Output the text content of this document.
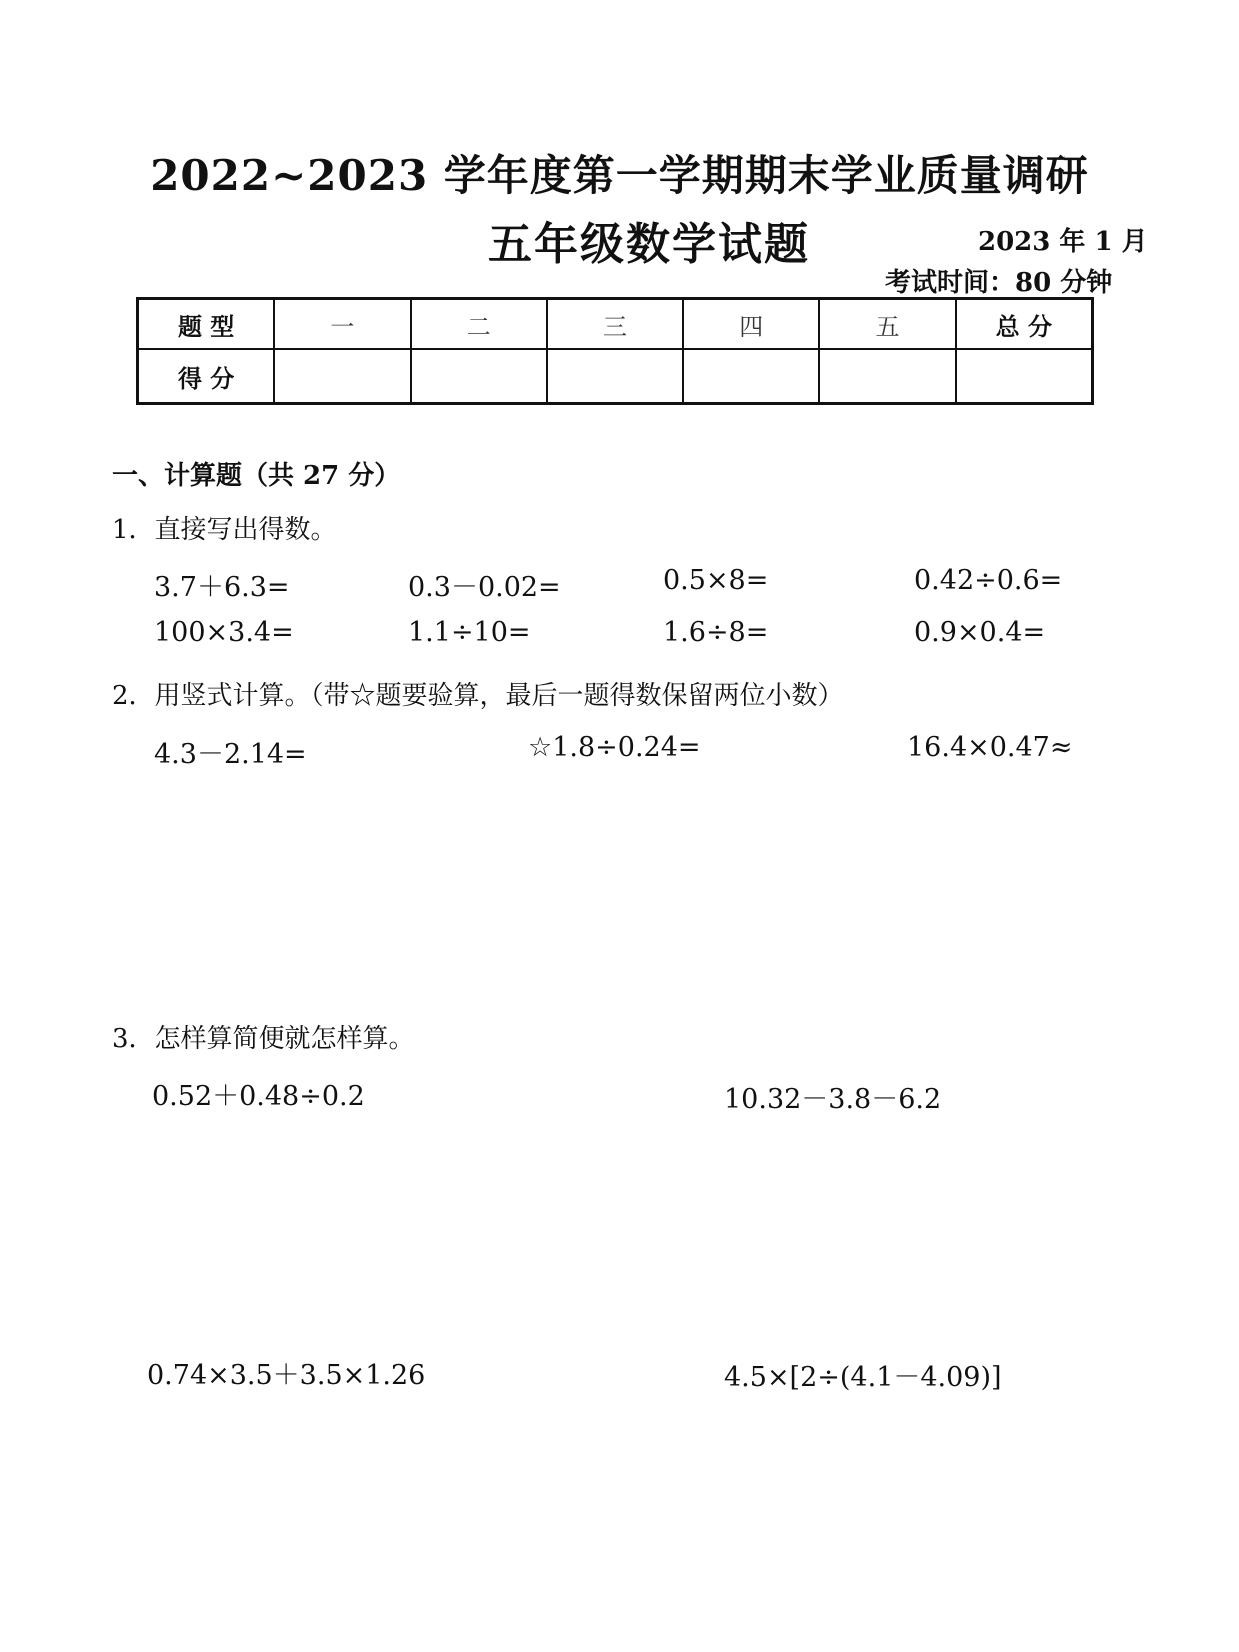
2022~2023 学年度第一学期期末学业质量调研
五年级数学试题	2023 年 1 月
考试时间：80 分钟
题 型	一	二	三	四	五	总 分
得 分						
一、计算题（共 27 分）
1．直接写出得数。
3.7＋6.3=	0.3－0.02=	0.5×8=	0.42÷0.6=
100×3.4=	1.1÷10=	1.6÷8=	0.9×0.4=
2．用竖式计算。（带☆题要验算，最后一题得数保留两位小数）
4.3－2.14=	☆1.8÷0.24=	16.4×0.47≈
3．怎样算简便就怎样算。
0.52＋0.48÷0.2	10.32－3.8－6.2
0.74×3.5＋3.5×1.26	4.5×[2÷(4.1－4.09)]
